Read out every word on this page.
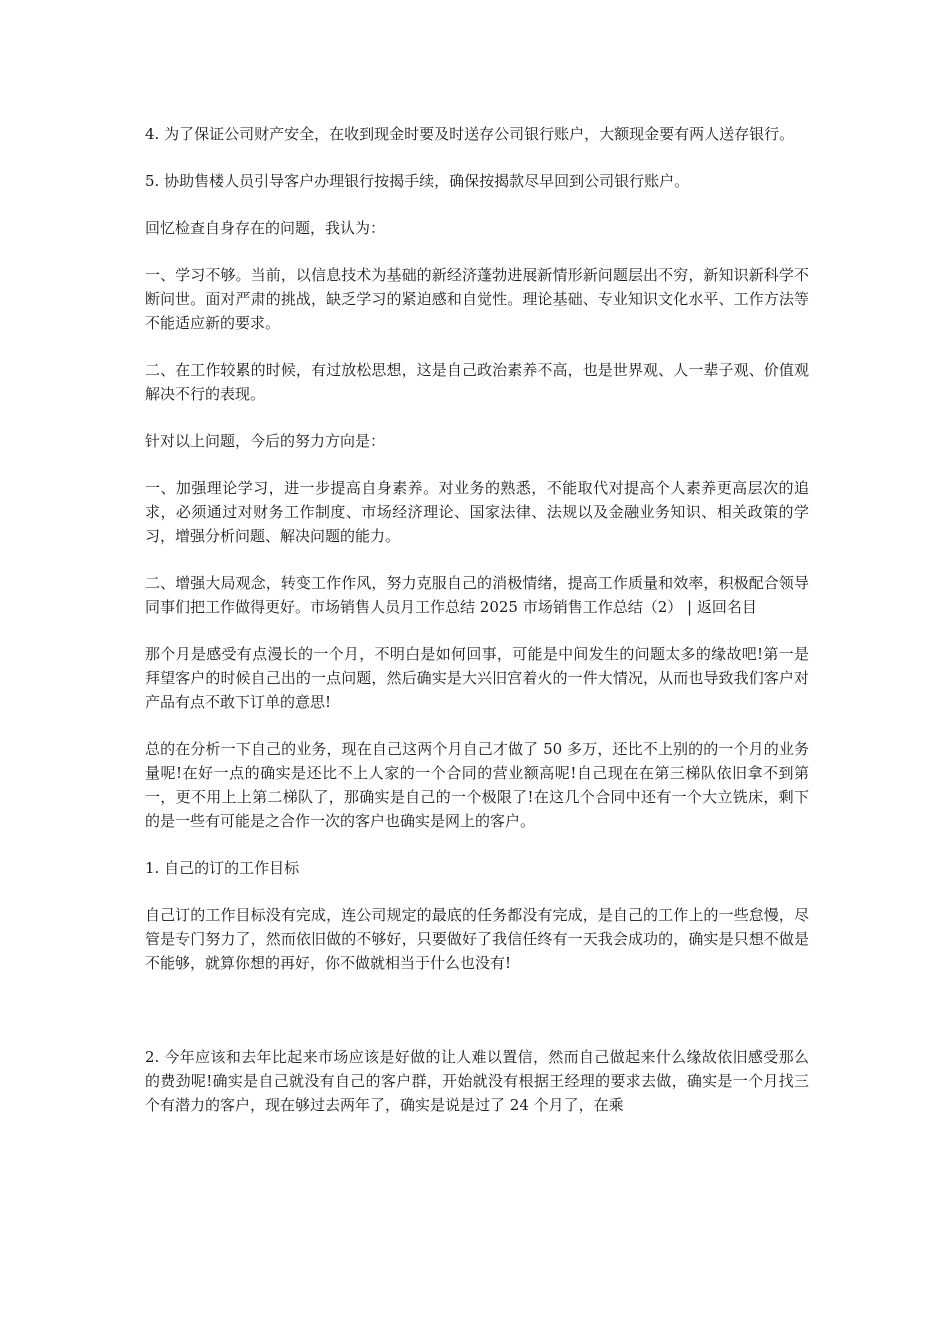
4. 为了保证公司财产安全，在收到现金时要及时送存公司银行账户，大额现金要有两人送存银行。

5. 协助售楼人员引导客户办理银行按揭手续，确保按揭款尽早回到公司银行账户。

回忆检查自身存在的问题，我认为：

一、学习不够。当前，以信息技术为基础的新经济蓬勃进展新情形新问题层出不穷，新知识新科学不断问世。面对严肃的挑战，缺乏学习的紧迫感和自觉性。理论基础、专业知识文化水平、工作方法等不能适应新的要求。

二、在工作较累的时候，有过放松思想，这是自己政治素养不高，也是世界观、人一辈子观、价值观解决不行的表现。

针对以上问题，今后的努力方向是：

一、加强理论学习，进一步提高自身素养。对业务的熟悉，不能取代对提高个人素养更高层次的追求，必须通过对财务工作制度、市场经济理论、国家法律、法规以及金融业务知识、相关政策的学习，增强分析问题、解决问题的能力。

二、增强大局观念，转变工作作风，努力克服自己的消极情绪，提高工作质量和效率，积极配合领导同事们把工作做得更好。市场销售人员月工作总结 2025 市场销售工作总结（2） | 返回名目

那个月是感受有点漫长的一个月，不明白是如何回事，可能是中间发生的问题太多的缘故吧!第一是拜望客户的时候自己出的一点问题，然后确实是大兴旧宫着火的一件大情况，从而也导致我们客户对产品有点不敢下订单的意思!

总的在分析一下自己的业务，现在自己这两个月自己才做了 50 多万，还比不上别的的一个月的业务量呢!在好一点的确实是还比不上人家的一个合同的营业额高呢!自己现在在第三梯队依旧拿不到第一，更不用上上第二梯队了，那确实是自己的一个极限了!在这几个合同中还有一个大立铣床，剩下的是一些有可能是之合作一次的客户也确实是网上的客户。

1. 自己的订的工作目标

自己订的工作目标没有完成，连公司规定的最底的任务都没有完成，是自己的工作上的一些怠慢，尽管是专门努力了，然而依旧做的不够好，只要做好了我信任终有一天我会成功的，确实是只想不做是不能够，就算你想的再好，你不做就相当于什么也没有!

2. 今年应该和去年比起来市场应该是好做的让人难以置信，然而自己做起来什么缘故依旧感受那么的费劲呢!确实是自己就没有自己的客户群，开始就没有根据王经理的要求去做，确实是一个月找三个有潜力的客户，现在够过去两年了，确实是说是过了 24 个月了，在乘
